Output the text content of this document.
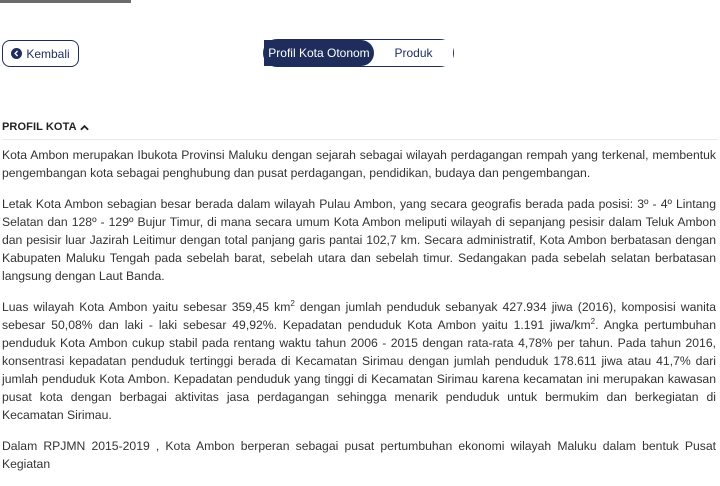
Kembali	Profil Kota Otonom	Produk
PROFIL KOTA

Kota Ambon merupakan Ibukota Provinsi Maluku dengan sejarah sebagai wilayah perdagangan rempah yang terkenal, membentuk pengembangan kota sebagai penghubung dan pusat perdagangan, pendidikan, budaya dan pengembangan.

Letak Kota Ambon sebagian besar berada dalam wilayah Pulau Ambon, yang secara geografis berada pada posisi: 3º - 4º Lintang Selatan dan 128º - 129º Bujur Timur, di mana secara umum Kota Ambon meliputi wilayah di sepanjang pesisir dalam Teluk Ambon dan pesisir luar Jazirah Leitimur dengan total panjang garis pantai 102,7 km. Secara administratif, Kota Ambon berbatasan dengan Kabupaten Maluku Tengah pada sebelah barat, sebelah utara dan sebelah timur. Sedangakan pada sebelah selatan berbatasan langsung dengan Laut Banda.

Luas wilayah Kota Ambon yaitu sebesar 359,45 $km^2$ dengan jumlah penduduk sebanyak 427.934 jiwa (2016), komposisi wanita sebesar 50,08% dan laki - laki sebesar 49,92%. Kepadatan penduduk Kota Ambon yaitu 1.191 jiwa/$km^2$. Angka pertumbuhan penduduk Kota Ambon cukup stabil pada rentang waktu tahun 2006 - 2015 dengan rata-rata 4,78% per tahun. Pada tahun 2016, konsentrasi kepadatan penduduk tertinggi berada di Kecamatan Sirimau dengan jumlah penduduk 178.611 jiwa atau 41,7% dari jumlah penduduk Kota Ambon. Kepadatan penduduk yang tinggi di Kecamatan Sirimau karena kecamatan ini merupakan kawasan pusat kota dengan berbagai aktivitas jasa perdagangan sehingga menarik penduduk untuk bermukim dan berkegiatan di Kecamatan Sirimau.

Dalam RPJMN 2015-2019 , Kota Ambon berperan sebagai pusat pertumbuhan ekonomi wilayah Maluku dalam bentuk Pusat Kegiatan
